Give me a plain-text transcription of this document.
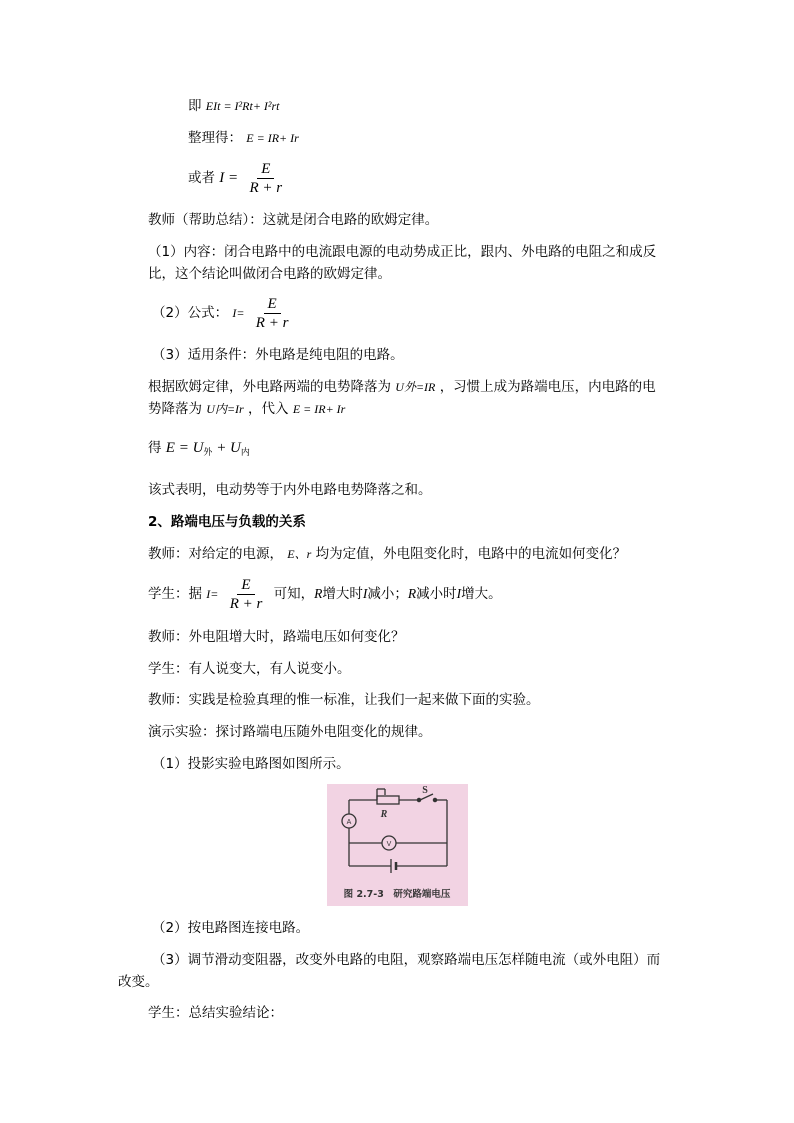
即 EIt = I²Rt+ I²rt
整理得： E = IR+ Ir
或者 $I = \frac{E}{R + r}$
教师（帮助总结）：这就是闭合电路的欧姆定律。
（1）内容：闭合电路中的电流跟电源的电动势成正比，跟内、外电路的电阻之和成反
比，这个结论叫做闭合电路的欧姆定律。
（2）公式： $I= \frac{E}{R + r}$
（3）适用条件：外电路是纯电阻的电路。
根据欧姆定律，外电路两端的电势降落为 U外=IR ，习惯上成为路端电压，内电路的电
势降落为 U内=Ir ，代入 E = IR+ Ir
得 $E = U_外 + U_内$
该式表明，电动势等于内外电路电势降落之和。
2、路端电压与负载的关系
教师：对给定的电源， E、r 均为定值，外电阻变化时，电路中的电流如何变化？
学生：据 $I= \frac{E}{R + r}$ 可知，R增大时I减小；R减小时I增大。
教师：外电阻增大时，路端电压如何变化？
学生：有人说变大，有人说变小。
教师：实践是检验真理的惟一标准，让我们一起来做下面的实验。
演示实验：探讨路端电压随外电阻变化的规律。
（1）投影实验电路图如图所示。
A
V
R
S
图 2.7-3　研究路端电压
（2）按电路图连接电路。
（3）调节滑动变阻器，改变外电路的电阻，观察路端电压怎样随电流（或外电阻）而
改变。
学生：总结实验结论：
